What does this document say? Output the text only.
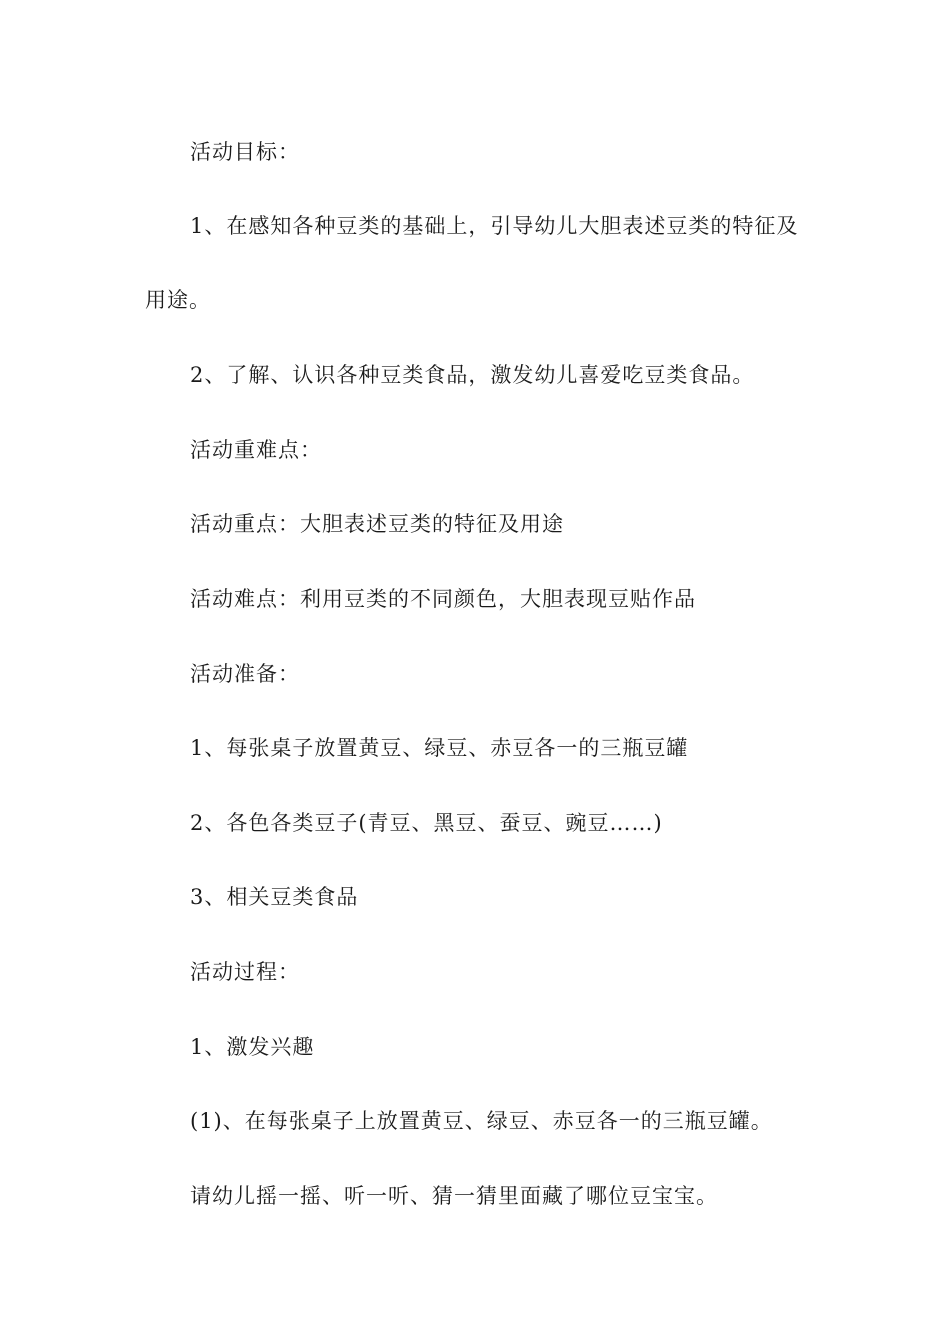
活动目标：

1、在感知各种豆类的基础上，引导幼儿大胆表述豆类的特征及

用途。

2、了解、认识各种豆类食品，激发幼儿喜爱吃豆类食品。

活动重难点：

活动重点：大胆表述豆类的特征及用途

活动难点：利用豆类的不同颜色，大胆表现豆贴作品

活动准备：

1、每张桌子放置黄豆、绿豆、赤豆各一的三瓶豆罐

2、各色各类豆子(青豆、黑豆、蚕豆、豌豆……)

3、相关豆类食品

活动过程：

1、激发兴趣

(1)、在每张桌子上放置黄豆、绿豆、赤豆各一的三瓶豆罐。

请幼儿摇一摇、听一听、猜一猜里面藏了哪位豆宝宝。
